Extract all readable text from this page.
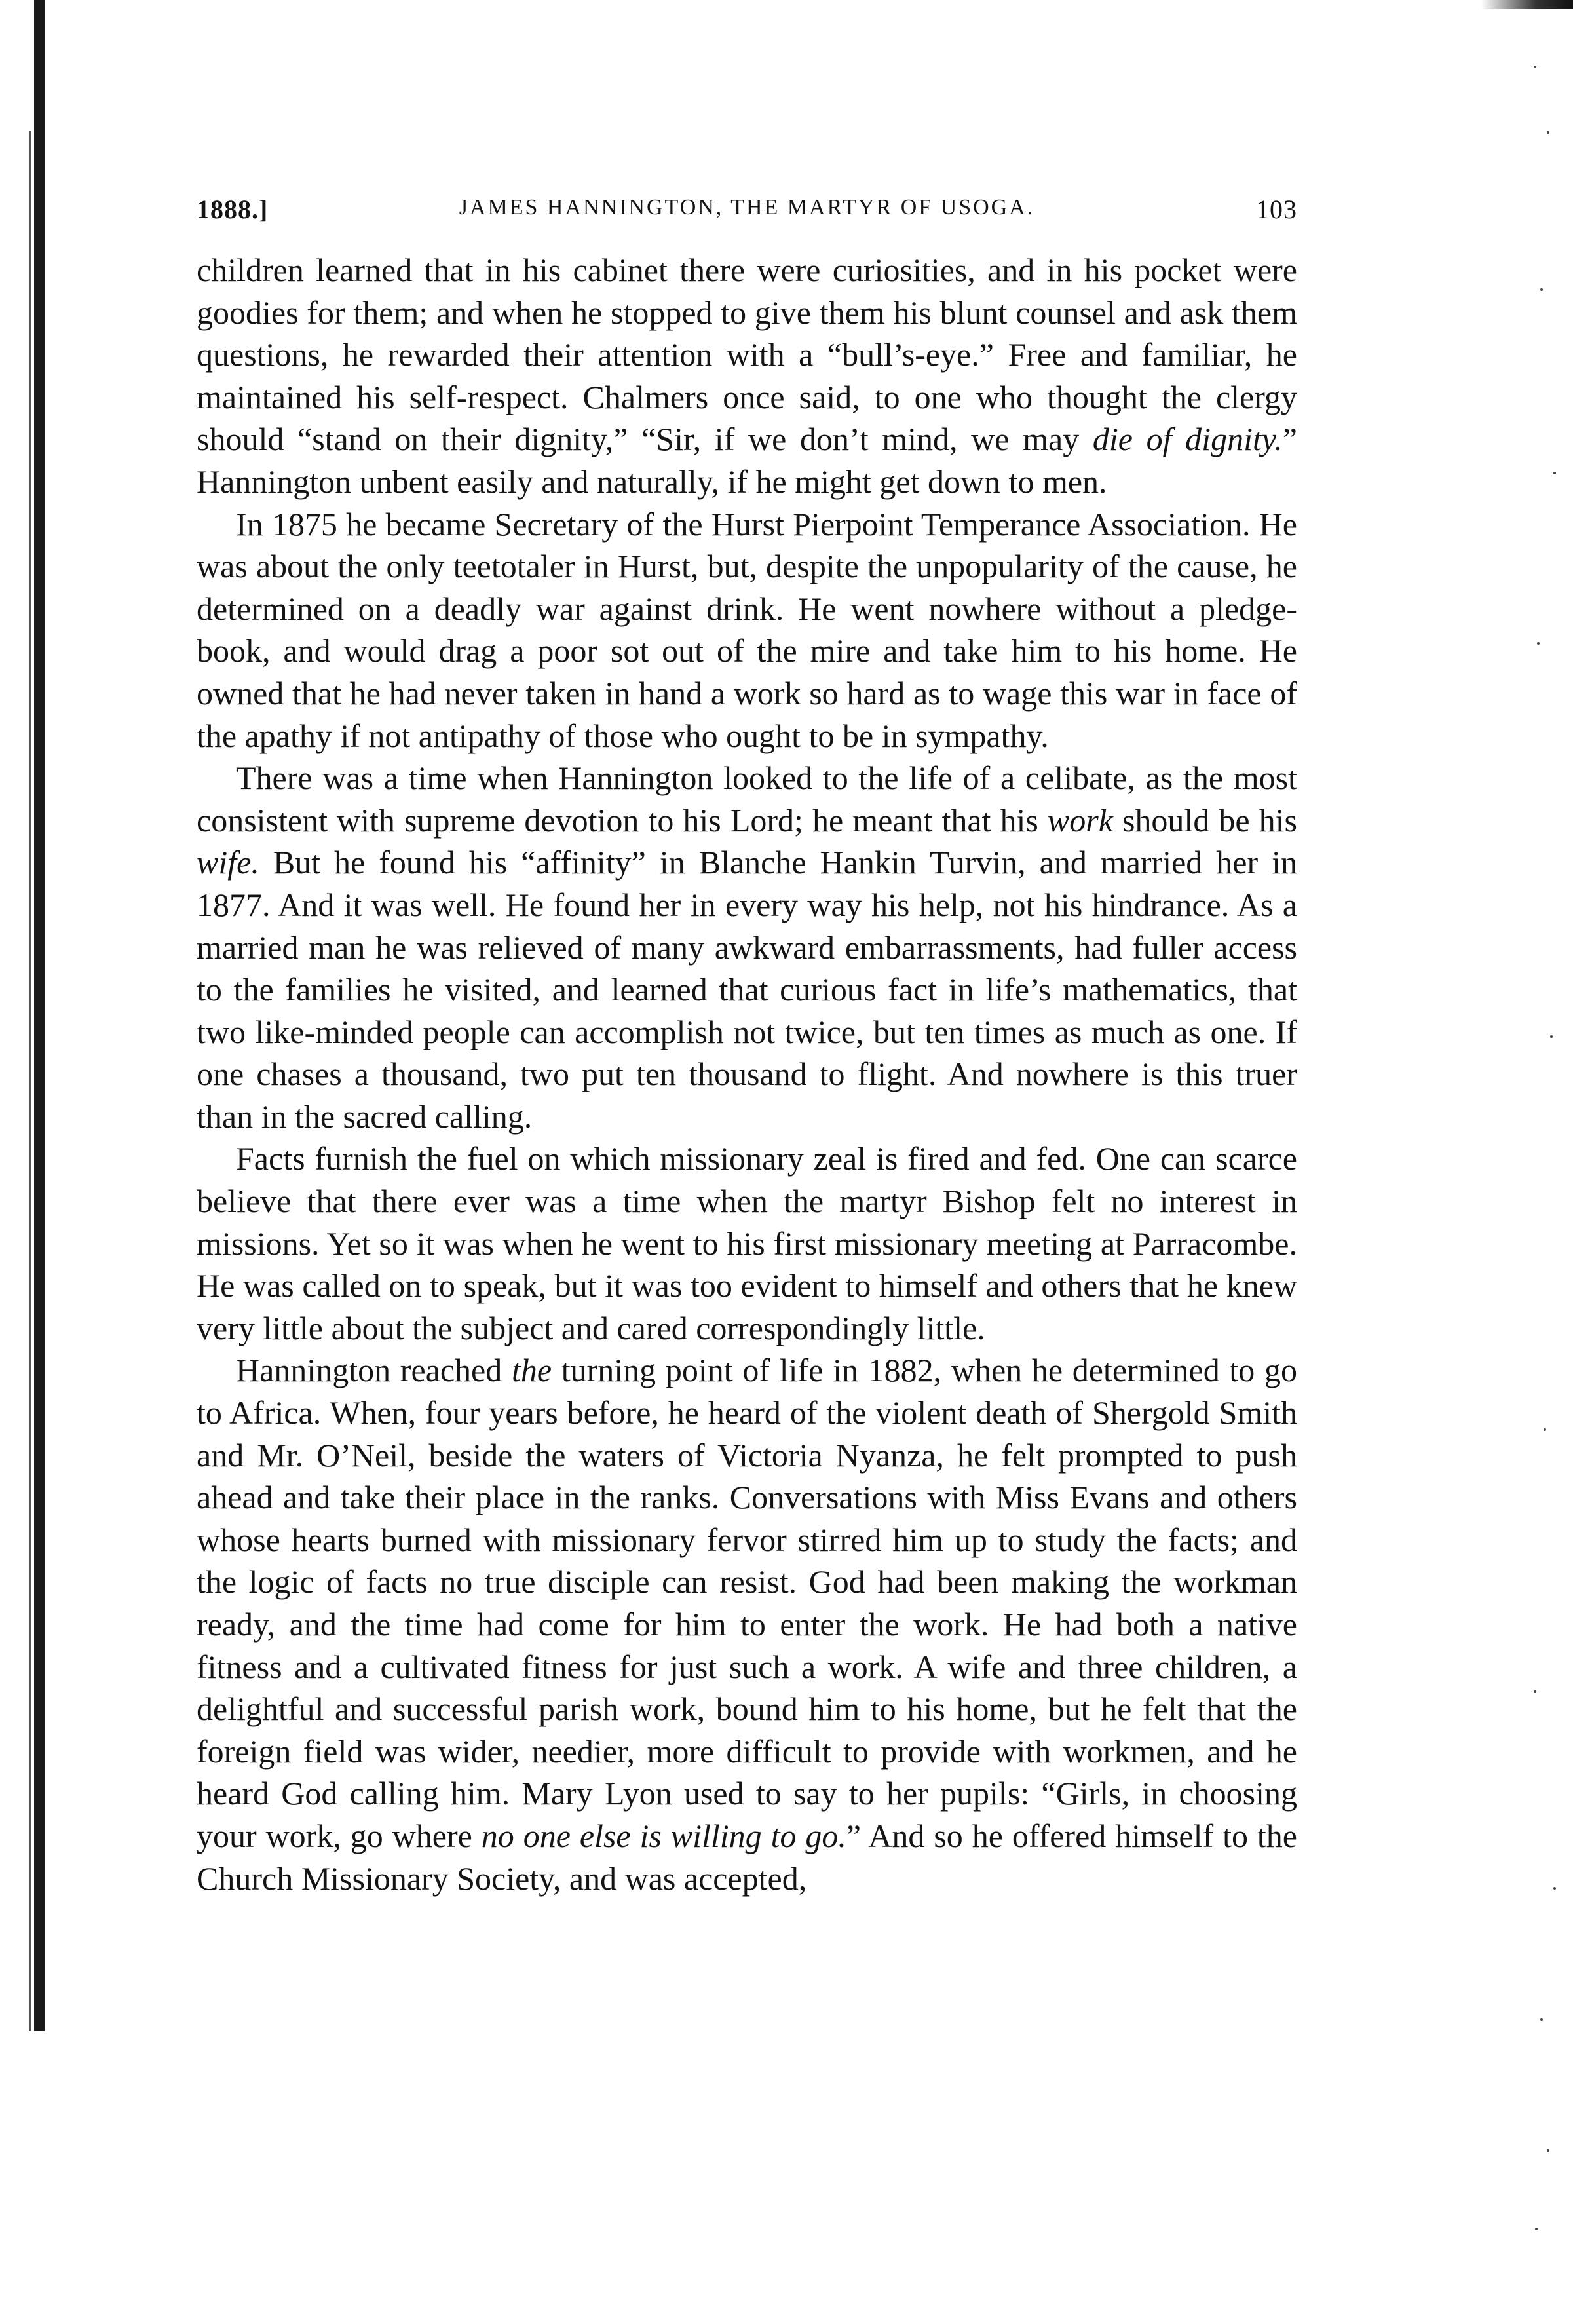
1888.]	JAMES HANNINGTON, THE MARTYR OF USOGA.	103

children learned that in his cabinet there were curiosities, and in his pocket were goodies for them; and when he stopped to give them his blunt counsel and ask them questions, he rewarded their attention with a “bull’s-eye.” Free and familiar, he maintained his self-respect. Chalmers once said, to one who thought the clergy should “stand on their dignity,” “Sir, if we don’t mind, we may die of dignity.” Hannington unbent easily and naturally, if he might get down to men.

In 1875 he became Secretary of the Hurst Pierpoint Temperance Association. He was about the only teetotaler in Hurst, but, despite the unpopularity of the cause, he determined on a deadly war against drink. He went nowhere without a pledge-book, and would drag a poor sot out of the mire and take him to his home. He owned that he had never taken in hand a work so hard as to wage this war in face of the apathy if not antipathy of those who ought to be in sympathy.

There was a time when Hannington looked to the life of a celibate, as the most consistent with supreme devotion to his Lord; he meant that his work should be his wife. But he found his “affinity” in Blanche Hankin Turvin, and married her in 1877. And it was well. He found her in every way his help, not his hindrance. As a married man he was relieved of many awkward embarrassments, had fuller access to the families he visited, and learned that curious fact in life’s mathematics, that two like-minded people can accomplish not twice, but ten times as much as one. If one chases a thousand, two put ten thousand to flight. And nowhere is this truer than in the sacred calling.

Facts furnish the fuel on which missionary zeal is fired and fed. One can scarce believe that there ever was a time when the martyr Bishop felt no interest in missions. Yet so it was when he went to his first missionary meeting at Parracombe. He was called on to speak, but it was too evident to himself and others that he knew very little about the subject and cared correspondingly little.

Hannington reached the turning point of life in 1882, when he determined to go to Africa. When, four years before, he heard of the violent death of Shergold Smith and Mr. O’Neil, beside the waters of Victoria Nyanza, he felt prompted to push ahead and take their place in the ranks. Conversations with Miss Evans and others whose hearts burned with missionary fervor stirred him up to study the facts; and the logic of facts no true disciple can resist. God had been making the workman ready, and the time had come for him to enter the work. He had both a native fitness and a cultivated fitness for just such a work. A wife and three children, a delightful and successful parish work, bound him to his home, but he felt that the foreign field was wider, needier, more difficult to provide with workmen, and he heard God calling him. Mary Lyon used to say to her pupils: “Girls, in choosing your work, go where no one else is willing to go.” And so he offered himself to the Church Missionary Society, and was accepted,
